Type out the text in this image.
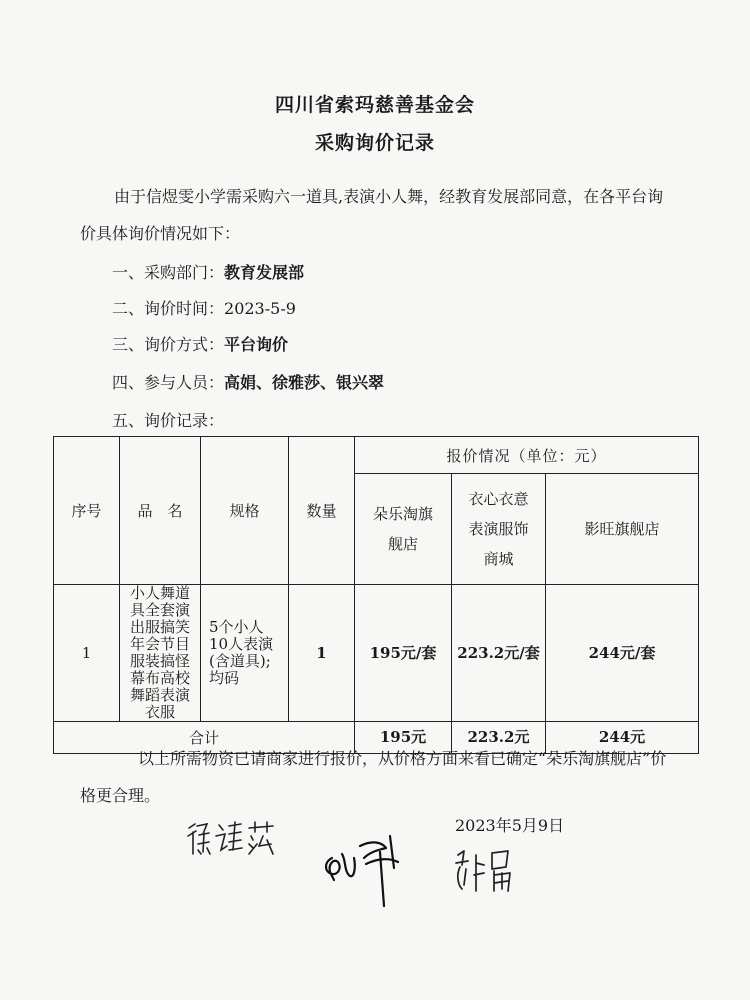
四川省索玛慈善基金会
采购询价记录
由于信煜雯小学需采购六一道具,表演小人舞，经教育发展部同意，在各平台询价具体询价情况如下：
一、采购部门：教育发展部
二、询价时间：2023-5-9
三、询价方式：平台询价
四、参与人员：高娟、徐雅莎、银兴翠
五、询价记录：
序号	品　名	规格	数量	报价情况（单位：元）		
				朵乐淘旗舰店	衣心衣意表演服饰商城	影旺旗舰店
1	小人舞道具全套演出服搞笑年会节目服装搞怪幕布高校舞蹈表演衣服	5个小人10人表演(含道具);均码	1	195元/套	223.2元/套	244元/套
合计				195元	223.2元	244元
以上所需物资已请商家进行报价，从价格方面来看已确定“朵乐淘旗舰店”价格更合理。
2023年5月9日
